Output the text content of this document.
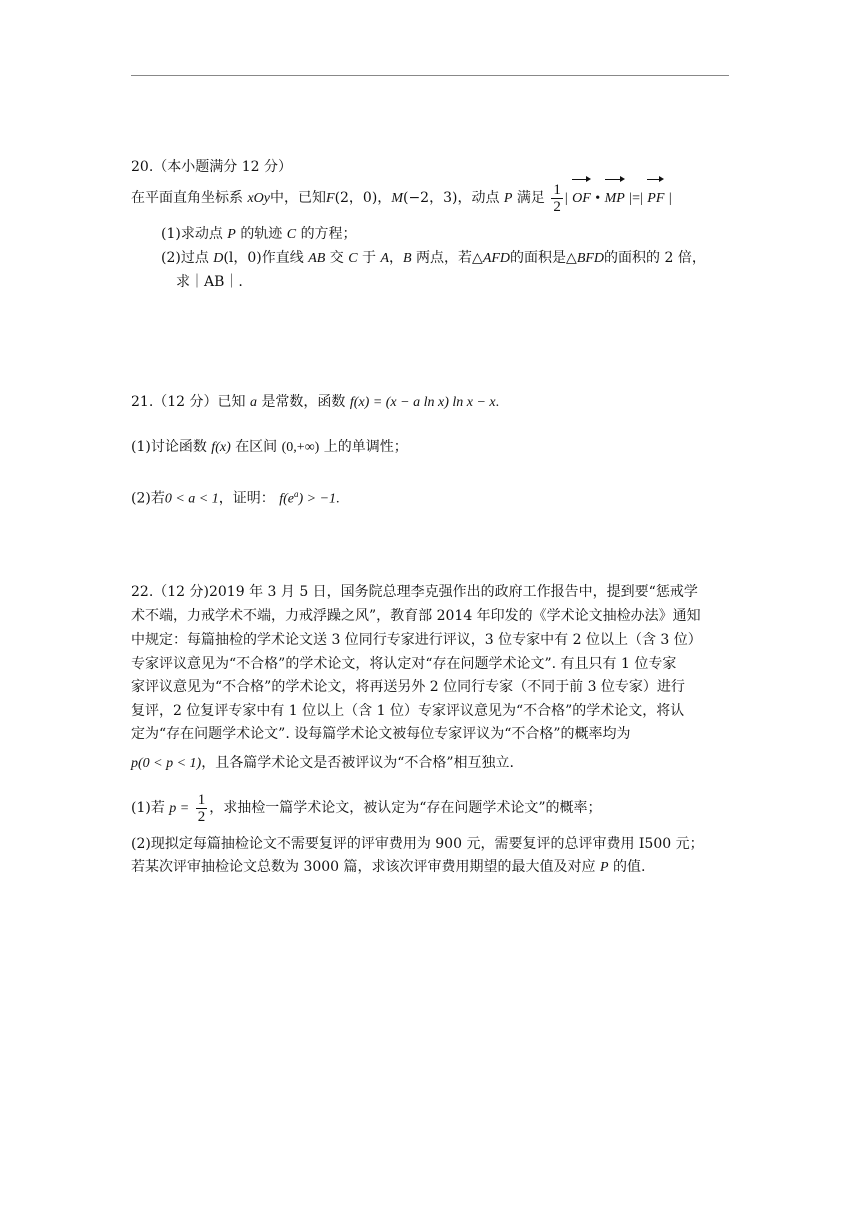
20.（本小题满分 12 分）
在平面直角坐标系 xOy中，已知F(2，0)，M(−2，3)，动点 P 满足 $\frac{1}{2}$ | OF • MP |=| PF |
(1)求动点 P 的轨迹 C 的方程；
(2)过点 D(l，0)作直线 AB 交 C 于 A，B 两点，若△AFD的面积是△BFD的面积的 2 倍，
求｜AB｜.
21.（12 分）已知 a 是常数，函数 f(x) = (x − a ln x) ln x − x.
(1)讨论函数 f(x) 在区间 (0,+∞) 上的单调性；
(2)若0 < a < 1，证明： $f(e^a) > -1$.
22.（12 分)2019 年 3 月 5 日，国务院总理李克强作出的政府工作报告中，提到要“惩戒学
术不端，力戒学术不端，力戒浮躁之风”，教育部 2014 年印发的《学术论文抽检办法》通知
中规定：每篇抽检的学术论文送 3 位同行专家进行评议，3 位专家中有 2 位以上（含 3 位）
专家评议意见为“不合格”的学术论文，将认定对“存在问题学术论文”. 有且只有 1 位专家
家评议意见为“不合格”的学术论文，将再送另外 2 位同行专家（不同于前 3 位专家）进行
复评，2 位复评专家中有 1 位以上（含 1 位）专家评议意见为“不合格”的学术论文，将认
定为“存在问题学术论文”. 设每篇学术论文被每位专家评议为“不合格”的概率均为
p(0 < p < 1)，且各篇学术论文是否被评议为“不合格”相互独立.
(1)若 $p = \frac{1}{2}$ ，求抽检一篇学术论文，被认定为“存在问题学术论文”的概率；
(2)现拟定每篇抽检论文不需要复评的评审费用为 900 元，需要复评的总评审费用 I500 元；
若某次评审抽检论文总数为 3000 篇，求该次评审费用期望的最大值及对应 P 的值.
